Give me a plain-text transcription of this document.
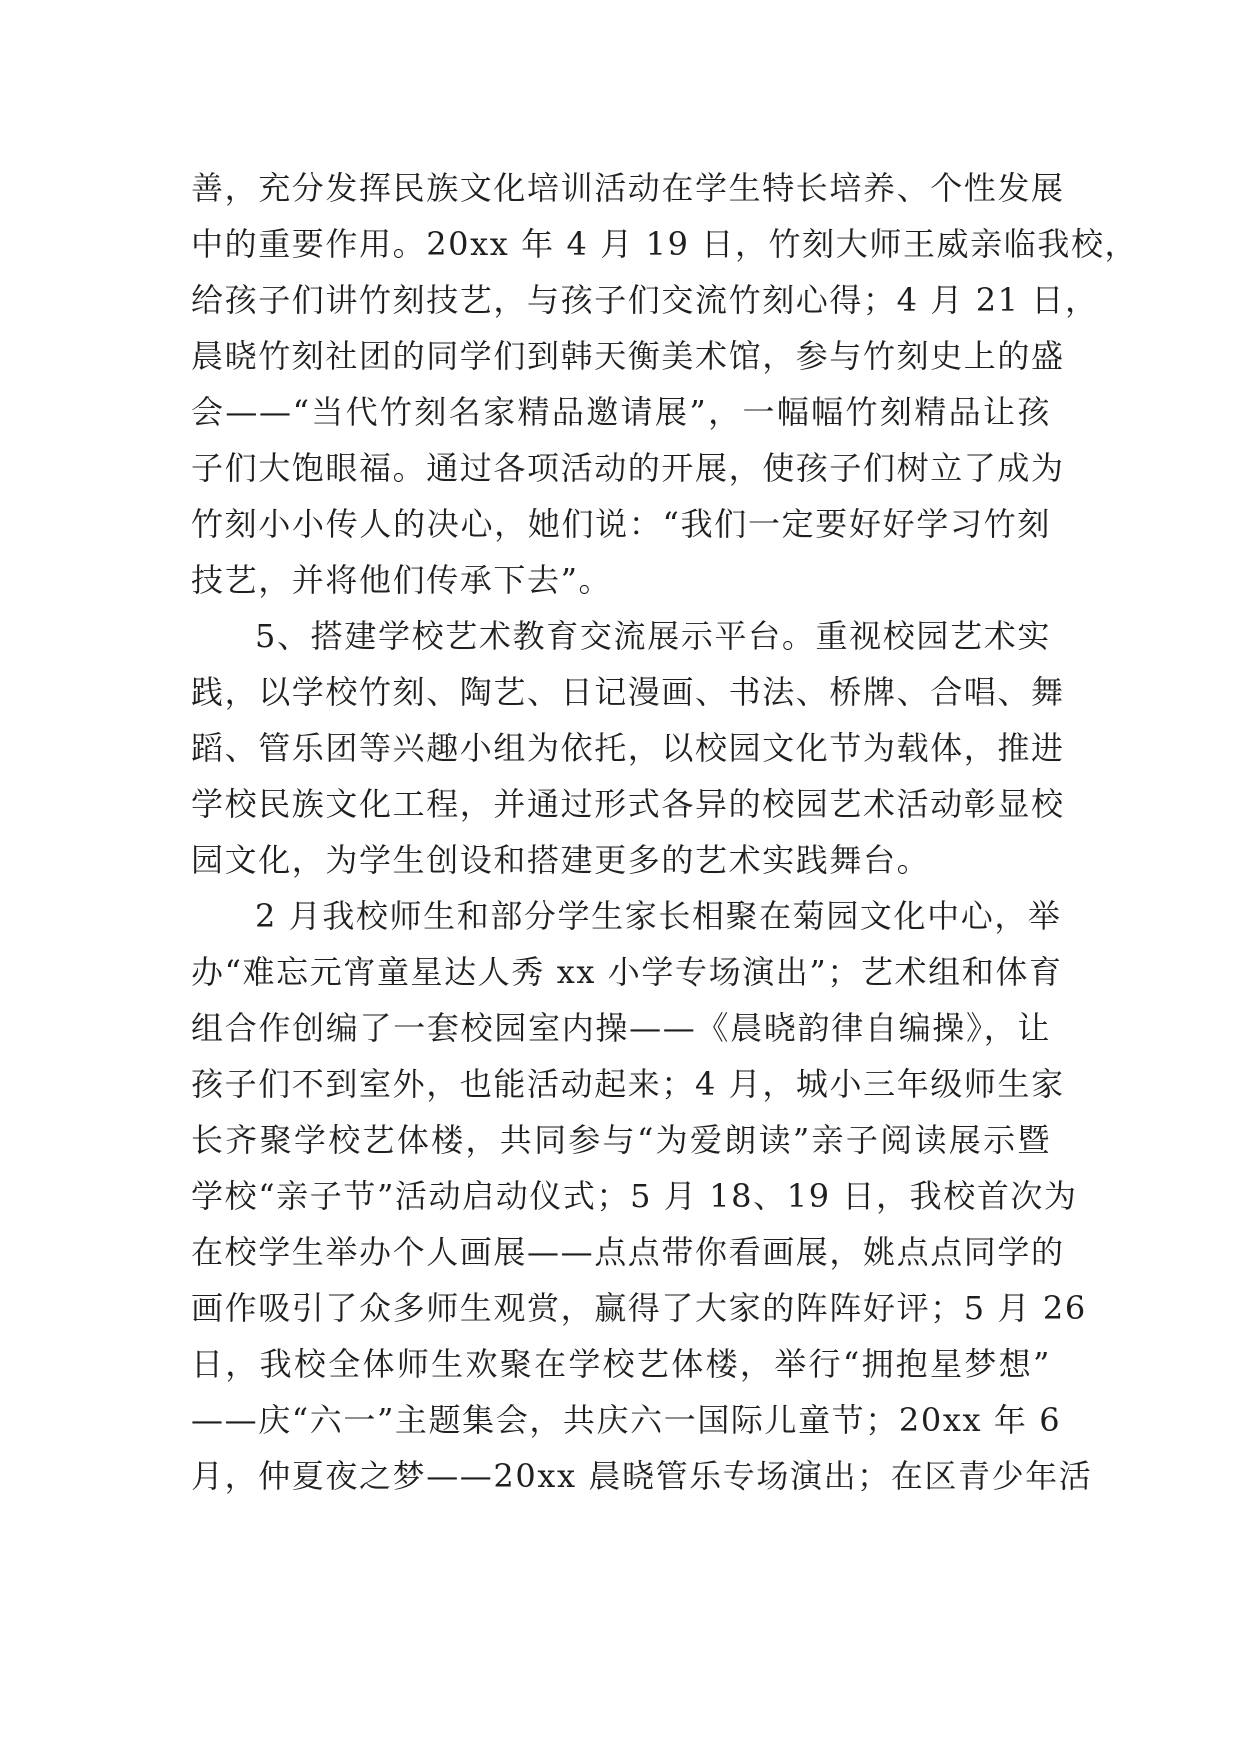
善，充分发挥民族文化培训活动在学生特长培养、个性发展
中的重要作用。20xx 年 4 月 19 日，竹刻大师王威亲临我校，
给孩子们讲竹刻技艺，与孩子们交流竹刻心得；4 月 21 日，
晨晓竹刻社团的同学们到韩天衡美术馆，参与竹刻史上的盛
会——“当代竹刻名家精品邀请展”，一幅幅竹刻精品让孩
子们大饱眼福。通过各项活动的开展，使孩子们树立了成为
竹刻小小传人的决心，她们说：“我们一定要好好学习竹刻
技艺，并将他们传承下去”。
5、搭建学校艺术教育交流展示平台。重视校园艺术实
践，以学校竹刻、陶艺、日记漫画、书法、桥牌、合唱、舞
蹈、管乐团等兴趣小组为依托，以校园文化节为载体，推进
学校民族文化工程，并通过形式各异的校园艺术活动彰显校
园文化，为学生创设和搭建更多的艺术实践舞台。
2 月我校师生和部分学生家长相聚在菊园文化中心，举
办“难忘元宵童星达人秀 xx 小学专场演出”；艺术组和体育
组合作创编了一套校园室内操——《晨晓韵律自编操》，让
孩子们不到室外，也能活动起来；4 月，城小三年级师生家
长齐聚学校艺体楼，共同参与“为爱朗读”亲子阅读展示暨
学校“亲子节”活动启动仪式；5 月 18、19 日，我校首次为
在校学生举办个人画展——点点带你看画展，姚点点同学的
画作吸引了众多师生观赏，赢得了大家的阵阵好评；5 月 26
日，我校全体师生欢聚在学校艺体楼，举行“拥抱星梦想”
——庆“六一”主题集会，共庆六一国际儿童节；20xx 年 6
月，仲夏夜之梦——20xx 晨晓管乐专场演出；在区青少年活
